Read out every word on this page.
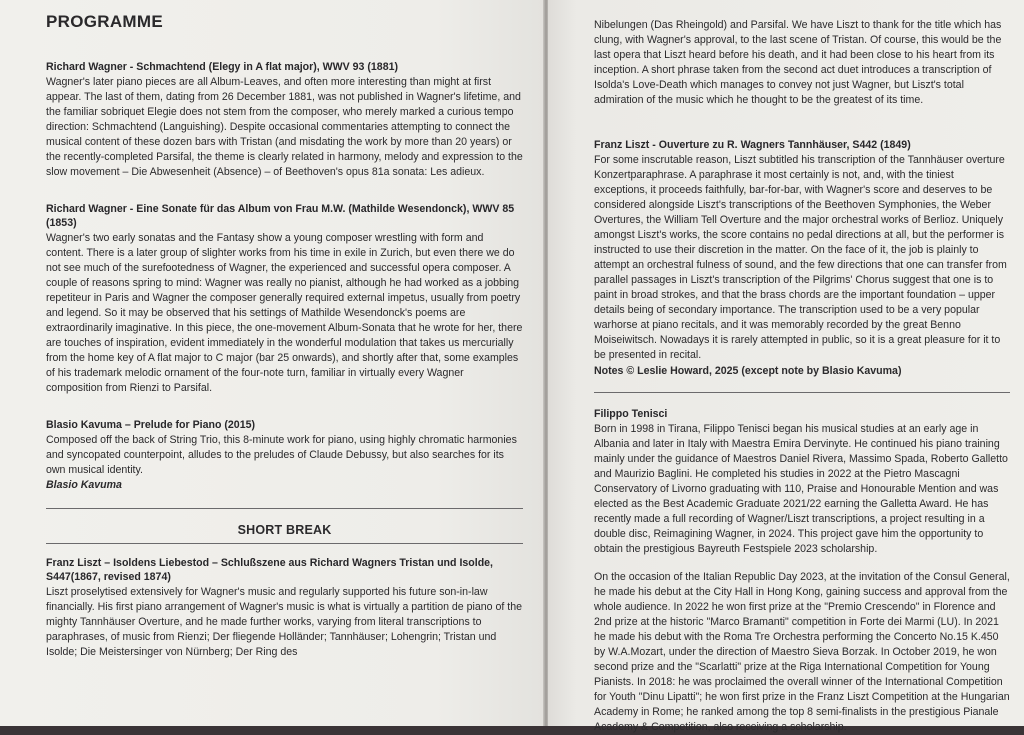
PROGRAMME
Richard Wagner - Schmachtend (Elegy in A flat major), WWV 93 (1881)

Wagner's later piano pieces are all Album-Leaves, and often more interesting than might at first appear. The last of them, dating from 26 December 1881, was not published in Wagner's lifetime, and the familiar sobriquet Elegie does not stem from the composer, who merely marked a curious tempo direction: Schmachtend (Languishing). Despite occasional commentaries attempting to connect the musical content of these dozen bars with Tristan (and misdating the work by more than 20 years) or the recently-completed Parsifal, the theme is clearly related in harmony, melody and expression to the slow movement – Die Abwesenheit (Absence) – of Beethoven's opus 81a sonata: Les adieux.

Richard Wagner - Eine Sonate für das Album von Frau M.W. (Mathilde Wesendonck), WWV 85 (1853)

Wagner's two early sonatas and the Fantasy show a young composer wrestling with form and content. There is a later group of slighter works from his time in exile in Zurich, but even there we do not see much of the surefootedness of Wagner, the experienced and successful opera composer. A couple of reasons spring to mind: Wagner was really no pianist, although he had worked as a jobbing repetiteur in Paris and Wagner the composer generally required external impetus, usually from poetry and legend. So it may be observed that his settings of Mathilde Wesendonck's poems are extraordinarily imaginative. In this piece, the one-movement Album-Sonata that he wrote for her, there are touches of inspiration, evident immediately in the wonderful modulation that takes us mercurially from the home key of A flat major to C major (bar 25 onwards), and shortly after that, some examples of his trademark melodic ornament of the four-note turn, familiar in virtually every Wagner composition from Rienzi to Parsifal.

Blasio Kavuma – Prelude for Piano (2015)

Composed off the back of String Trio, this 8-minute work for piano, using highly chromatic harmonies and syncopated counterpoint, alludes to the preludes of Claude Debussy, but also searches for its own musical identity.

Blasio Kavuma
SHORT BREAK
Franz Liszt – Isoldens Liebestod – Schlußszene aus Richard Wagners Tristan und Isolde, S447(1867, revised 1874)

Liszt proselytised extensively for Wagner's music and regularly supported his future son-in-law financially. His first piano arrangement of Wagner's music is what is virtually a partition de piano of the mighty Tannhäuser Overture, and he made further works, varying from literal transcriptions to paraphrases, of music from Rienzi; Der fliegende Holländer; Tannhäuser; Lohengrin; Tristan und Isolde; Die Meistersinger von Nürnberg; Der Ring des

Nibelungen (Das Rheingold) and Parsifal. We have Liszt to thank for the title which has clung, with Wagner's approval, to the last scene of Tristan. Of course, this would be the last opera that Liszt heard before his death, and it had been close to his heart from its inception. A short phrase taken from the second act duet introduces a transcription of Isolda's Love-Death which manages to convey not just Wagner, but Liszt's total admiration of the music which he thought to be the greatest of its time.

Franz Liszt - Ouverture zu R. Wagners Tannhäuser, S442 (1849)

For some inscrutable reason, Liszt subtitled his transcription of the Tannhäuser overture Konzertparaphrase. A paraphrase it most certainly is not, and, with the tiniest exceptions, it proceeds faithfully, bar-for-bar, with Wagner's score and deserves to be considered alongside Liszt's transcriptions of the Beethoven Symphonies, the Weber Overtures, the William Tell Overture and the major orchestral works of Berlioz. Uniquely amongst Liszt's works, the score contains no pedal directions at all, but the performer is instructed to use their discretion in the matter. On the face of it, the job is plainly to attempt an orchestral fulness of sound, and the few directions that one can transfer from parallel passages in Liszt's transcription of the Pilgrims' Chorus suggest that one is to paint in broad strokes, and that the brass chords are the important foundation – upper details being of secondary importance. The transcription used to be a very popular warhorse at piano recitals, and it was memorably recorded by the great Benno Moiseiwitsch. Nowadays it is rarely attempted in public, so it is a great pleasure for it to be presented in recital.

Notes © Leslie Howard, 2025 (except note by Blasio Kavuma)
Filippo Tenisci

Born in 1998 in Tirana, Filippo Tenisci began his musical studies at an early age in Albania and later in Italy with Maestra Emira Dervinyte. He continued his piano training mainly under the guidance of Maestros Daniel Rivera, Massimo Spada, Roberto Galletto and Maurizio Baglini. He completed his studies in 2022 at the Pietro Mascagni Conservatory of Livorno graduating with 110, Praise and Honourable Mention and was elected as the Best Academic Graduate 2021/22 earning the Galletta Award. He has recently made a full recording of Wagner/Liszt transcriptions, a project resulting in a double disc, Reimagining Wagner, in 2024. This project gave him the opportunity to obtain the prestigious Bayreuth Festspiele 2023 scholarship.

On the occasion of the Italian Republic Day 2023, at the invitation of the Consul General, he made his debut at the City Hall in Hong Kong, gaining success and approval from the whole audience. In 2022 he won first prize at the "Premio Crescendo" in Florence and 2nd prize at the historic "Marco Bramanti" competition in Forte dei Marmi (LU). In 2021 he made his debut with the Roma Tre Orchestra performing the Concerto No.15 K.450 by W.A.Mozart, under the direction of Maestro Sieva Borzak. In October 2019, he won second prize and the "Scarlatti" prize at the Riga International Competition for Young Pianists. In 2018: he was proclaimed the overall winner of the International Competition for Youth "Dinu Lipatti"; he won first prize in the Franz Liszt Competition at the Hungarian Academy in Rome; he ranked among the top 8 semi-finalists in the prestigious Pianale Academy & Competition, also receiving a scholarship.
